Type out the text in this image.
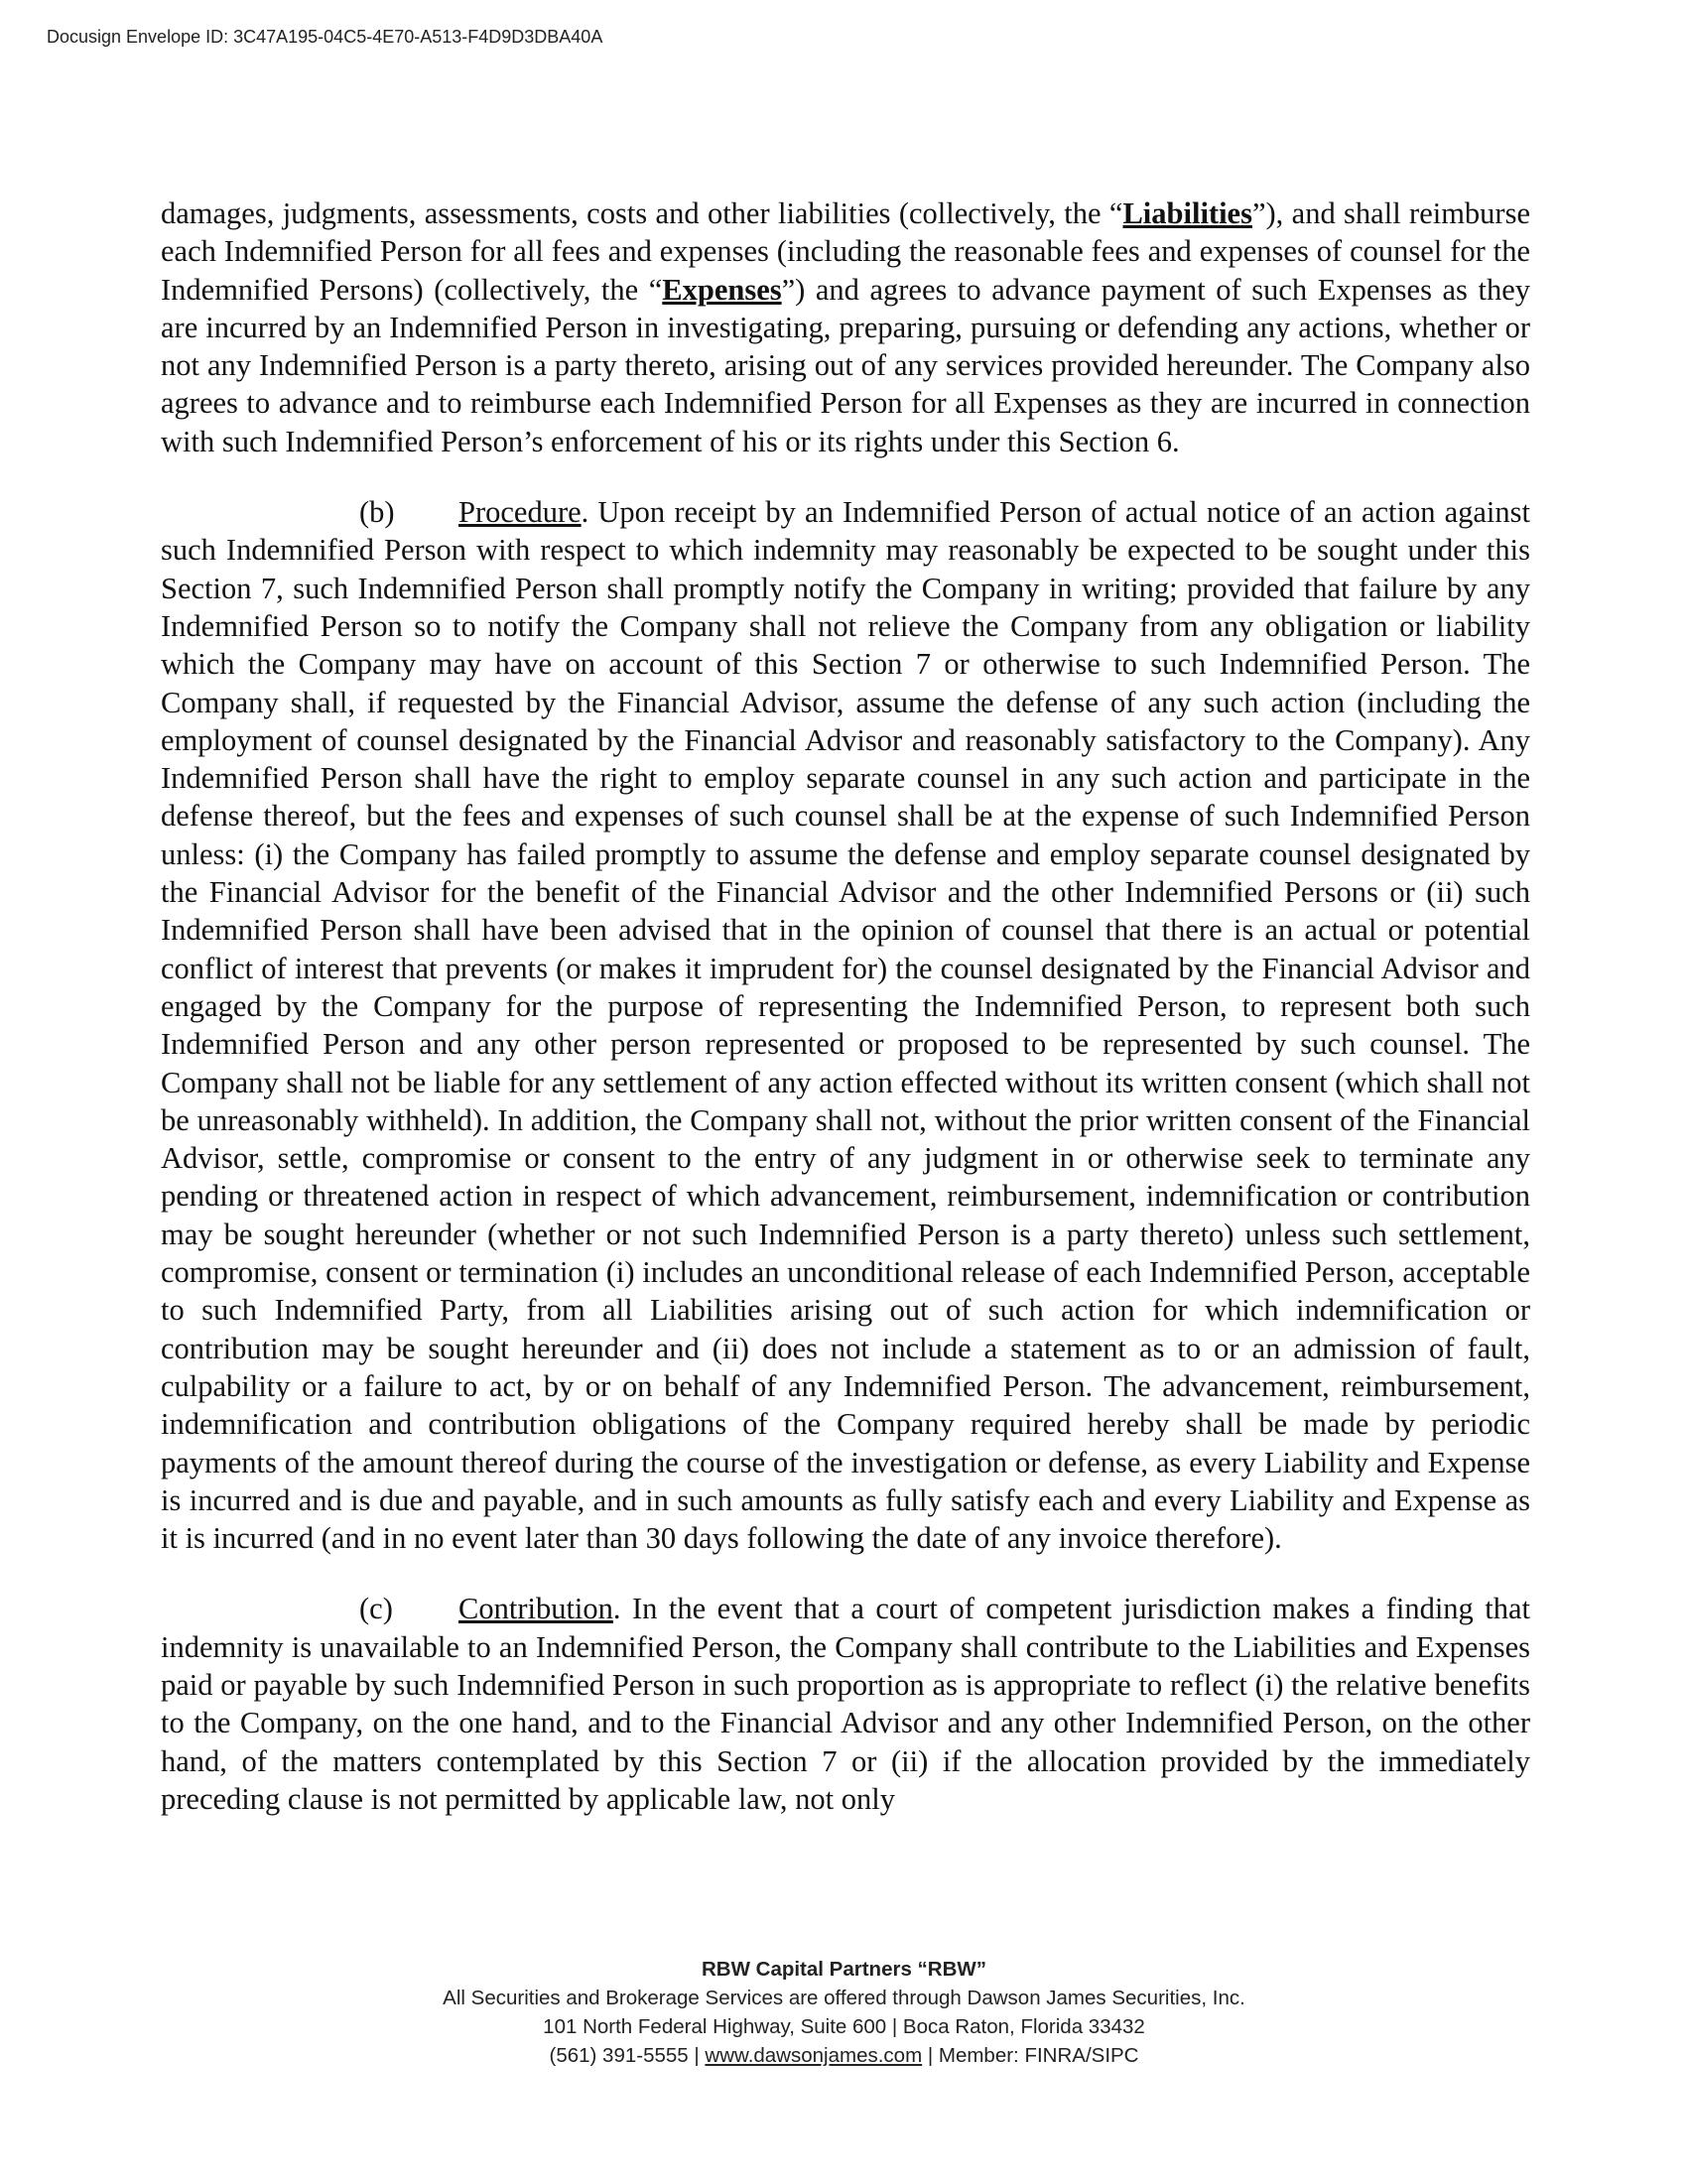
Docusign Envelope ID: 3C47A195-04C5-4E70-A513-F4D9D3DBA40A

damages, judgments, assessments, costs and other liabilities (collectively, the “Liabilities”), and shall reimburse each Indemnified Person for all fees and expenses (including the reasonable fees and expenses of counsel for the Indemnified Persons) (collectively, the “Expenses”) and agrees to advance payment of such Expenses as they are incurred by an Indemnified Person in investigating, preparing, pursuing or defending any actions, whether or not any Indemnified Person is a party thereto, arising out of any services provided hereunder. The Company also agrees to advance and to reimburse each Indemnified Person for all Expenses as they are incurred in connection with such Indemnified Person’s enforcement of his or its rights under this Section 6.

(b) Procedure. Upon receipt by an Indemnified Person of actual notice of an action against such Indemnified Person with respect to which indemnity may reasonably be expected to be sought under this Section 7, such Indemnified Person shall promptly notify the Company in writing; provided that failure by any Indemnified Person so to notify the Company shall not relieve the Company from any obligation or liability which the Company may have on account of this Section 7 or otherwise to such Indemnified Person. The Company shall, if requested by the Financial Advisor, assume the defense of any such action (including the employment of counsel designated by the Financial Advisor and reasonably satisfactory to the Company). Any Indemnified Person shall have the right to employ separate counsel in any such action and participate in the defense thereof, but the fees and expenses of such counsel shall be at the expense of such Indemnified Person unless: (i) the Company has failed promptly to assume the defense and employ separate counsel designated by the Financial Advisor for the benefit of the Financial Advisor and the other Indemnified Persons or (ii) such Indemnified Person shall have been advised that in the opinion of counsel that there is an actual or potential conflict of interest that prevents (or makes it imprudent for) the counsel designated by the Financial Advisor and engaged by the Company for the purpose of representing the Indemnified Person, to represent both such Indemnified Person and any other person represented or proposed to be represented by such counsel. The Company shall not be liable for any settlement of any action effected without its written consent (which shall not be unreasonably withheld). In addition, the Company shall not, without the prior written consent of the Financial Advisor, settle, compromise or consent to the entry of any judgment in or otherwise seek to terminate any pending or threatened action in respect of which advancement, reimbursement, indemnification or contribution may be sought hereunder (whether or not such Indemnified Person is a party thereto) unless such settlement, compromise, consent or termination (i) includes an unconditional release of each Indemnified Person, acceptable to such Indemnified Party, from all Liabilities arising out of such action for which indemnification or contribution may be sought hereunder and (ii) does not include a statement as to or an admission of fault, culpability or a failure to act, by or on behalf of any Indemnified Person. The advancement, reimbursement, indemnification and contribution obligations of the Company required hereby shall be made by periodic payments of the amount thereof during the course of the investigation or defense, as every Liability and Expense is incurred and is due and payable, and in such amounts as fully satisfy each and every Liability and Expense as it is incurred (and in no event later than 30 days following the date of any invoice therefore).

(c) Contribution. In the event that a court of competent jurisdiction makes a finding that indemnity is unavailable to an Indemnified Person, the Company shall contribute to the Liabilities and Expenses paid or payable by such Indemnified Person in such proportion as is appropriate to reflect (i) the relative benefits to the Company, on the one hand, and to the Financial Advisor and any other Indemnified Person, on the other hand, of the matters contemplated by this Section 7 or (ii) if the allocation provided by the immediately preceding clause is not permitted by applicable law, not only

RBW Capital Partners “RBW”
All Securities and Brokerage Services are offered through Dawson James Securities, Inc.
101 North Federal Highway, Suite 600 | Boca Raton, Florida 33432
(561) 391-5555 | www.dawsonjames.com | Member: FINRA/SIPC
